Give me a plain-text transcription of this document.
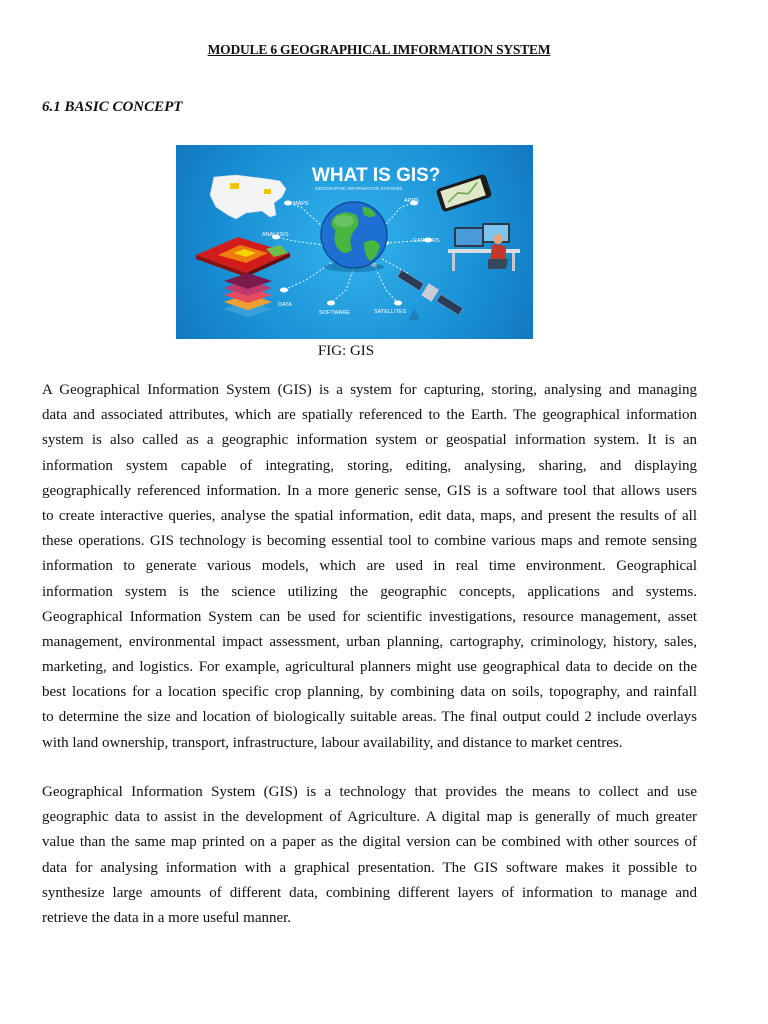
MODULE 6 GEOGRAPHICAL IMFORMATION SYSTEM
6.1 BASIC CONCEPT
WHAT IS GIS?
GEOGRAPHIC INFORMATION SYSTEMS
MAPS	APPS
ANALYSIS
CAREERS
DATA
SOFTWARE	SATELLITES

FIG: GIS

A Geographical Information System (GIS) is a system for capturing, storing, analysing and managing
data and associated attributes, which are spatially referenced to the Earth. The geographical information
system is also called as a geographic information system or geospatial information system. It is an
information system capable of integrating, storing, editing, analysing, sharing, and displaying
geographically referenced information. In a more generic sense, GIS is a software tool that allows users
to create interactive queries, analyse the spatial information, edit data, maps, and present the results of all
these operations. GIS technology is becoming essential tool to combine various maps and remote sensing
information to generate various models, which are used in real time environment. Geographical
information system is the science utilizing the geographic concepts, applications and systems.
Geographical Information System can be used for scientific investigations, resource management, asset
management, environmental impact assessment, urban planning, cartography, criminology, history, sales,
marketing, and logistics. For example, agricultural planners might use geographical data to decide on the
best locations for a location specific crop planning, by combining data on soils, topography, and rainfall
to determine the size and location of biologically suitable areas. The final output could 2 include overlays
with land ownership, transport, infrastructure, labour availability, and distance to market centres.
Geographical Information System (GIS) is a technology that provides the means to collect and use
geographic data to assist in the development of Agriculture. A digital map is generally of much greater
value than the same map printed on a paper as the digital version can be combined with other sources of
data for analysing information with a graphical presentation. The GIS software makes it possible to
synthesize large amounts of different data, combining different layers of information to manage and
retrieve the data in a more useful manner.
